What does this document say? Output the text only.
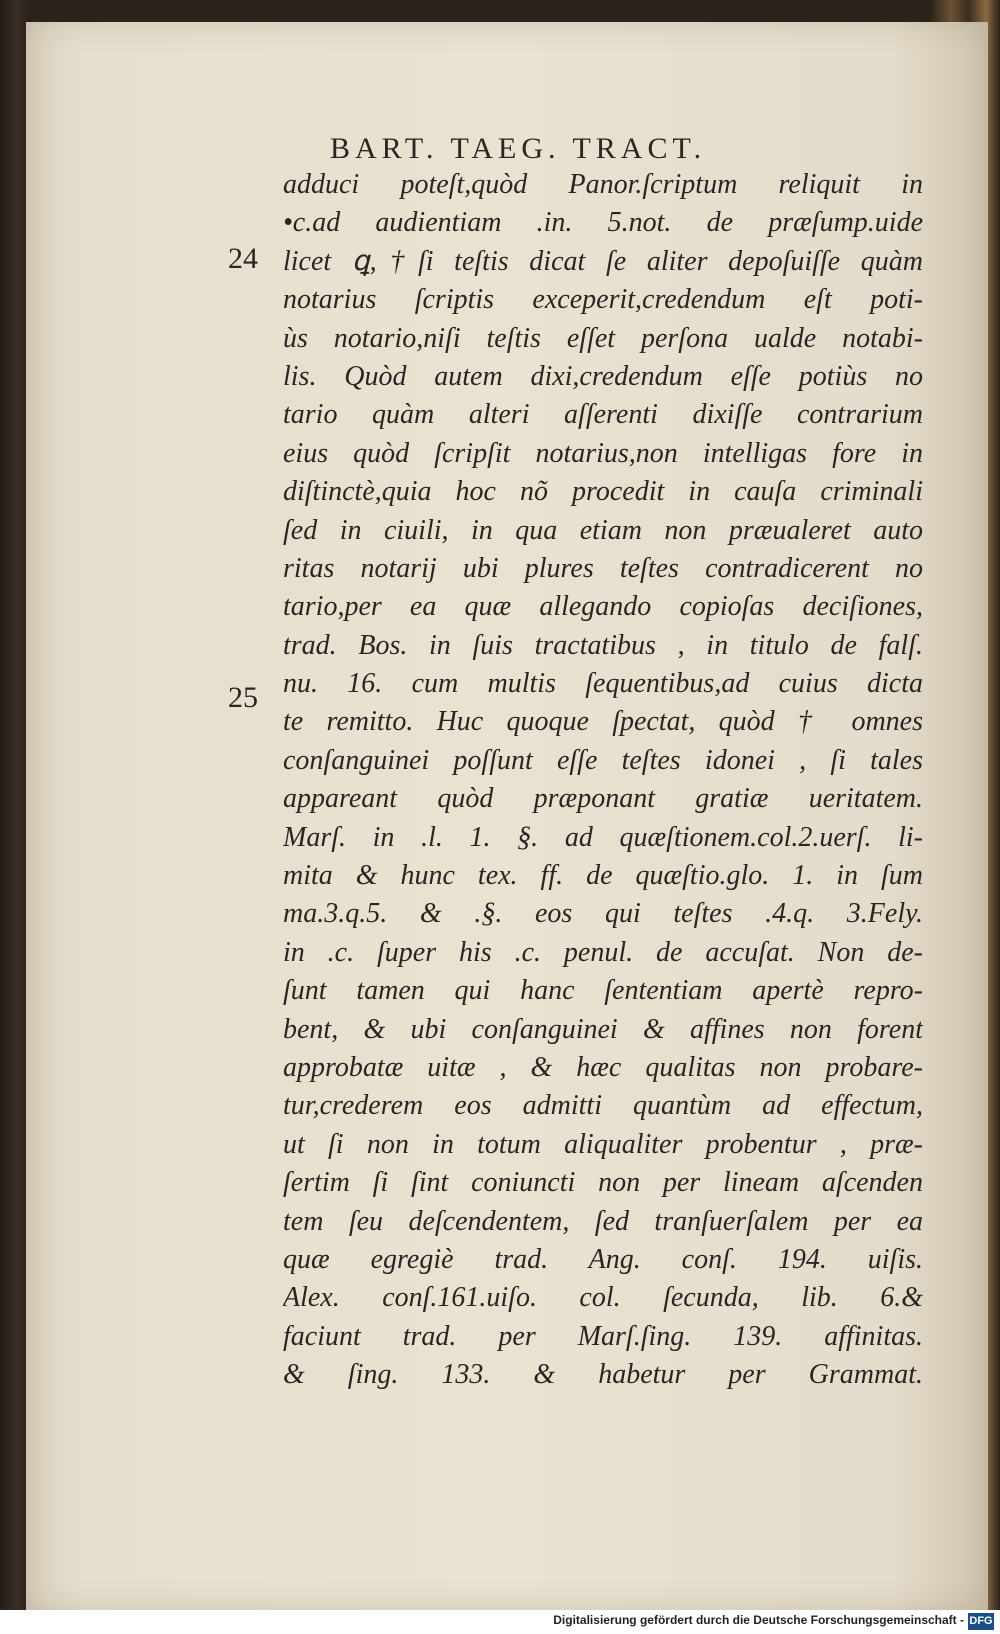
BART. TAEG. TRACT.
24
25
adduci poteſt,quòd Panor.ſcriptum reliquit in
•c.ad audientiam .in. 5.not. de præſump.uide
licet ꝗ,†ſi teſtis dicat ſe aliter depoſuiſſe quàm
notarius ſcriptis exceperit,credendum eſt poti-
ùs notario,niſi teſtis eſſet perſona ualde notabi-
lis. Quòd autem dixi,credendum eſſe potiùs no
tario quàm alteri aſſerenti dixiſſe contrarium
eius quòd ſcripſit notarius,non intelligas fore in
diſtinctè,quia hoc nõ procedit in cauſa criminali
ſed in ciuili, in qua etiam non præualeret auto
ritas notarij ubi plures teſtes contradicerent no
tario,per ea quæ allegando copioſas deciſiones,
trad. Bos. in ſuis tractatibus , in titulo de falſ.
nu. 16. cum multis ſequentibus,ad cuius dicta
te remitto. Huc quoque ſpectat, quòd † omnes
conſanguinei poſſunt eſſe teſtes idonei , ſi tales
appareant quòd præponant gratiæ ueritatem.
Marſ. in .l. 1. §. ad quæſtionem.col.2.uerſ. li-
mita & hunc tex. ff. de quæſtio.glo. 1. in ſum
ma.3.q.5. & .§. eos qui teſtes .4.q. 3.Fely.
in .c. ſuper his .c. penul. de accuſat. Non de-
ſunt tamen qui hanc ſententiam apertè repro-
bent, & ubi conſanguinei & affines non forent
approbatæ uitæ , & hæc qualitas non probare-
tur,crederem eos admitti quantùm ad effectum,
ut ſi non in totum aliqualiter probentur , præ-
ſertim ſi ſint coniuncti non per lineam aſcenden
tem ſeu deſcendentem, ſed tranſuerſalem per ea
quæ egregiè trad. Ang. conſ. 194. uiſis.
Alex. conſ.161.uiſo. col. ſecunda, lib. 6.&
faciunt trad. per Marſ.ſing. 139. affinitas.
& ſing. 133. & habetur per Grammat.
Digitalisierung gefördert durch die Deutsche Forschungsgemeinschaft - DFG
